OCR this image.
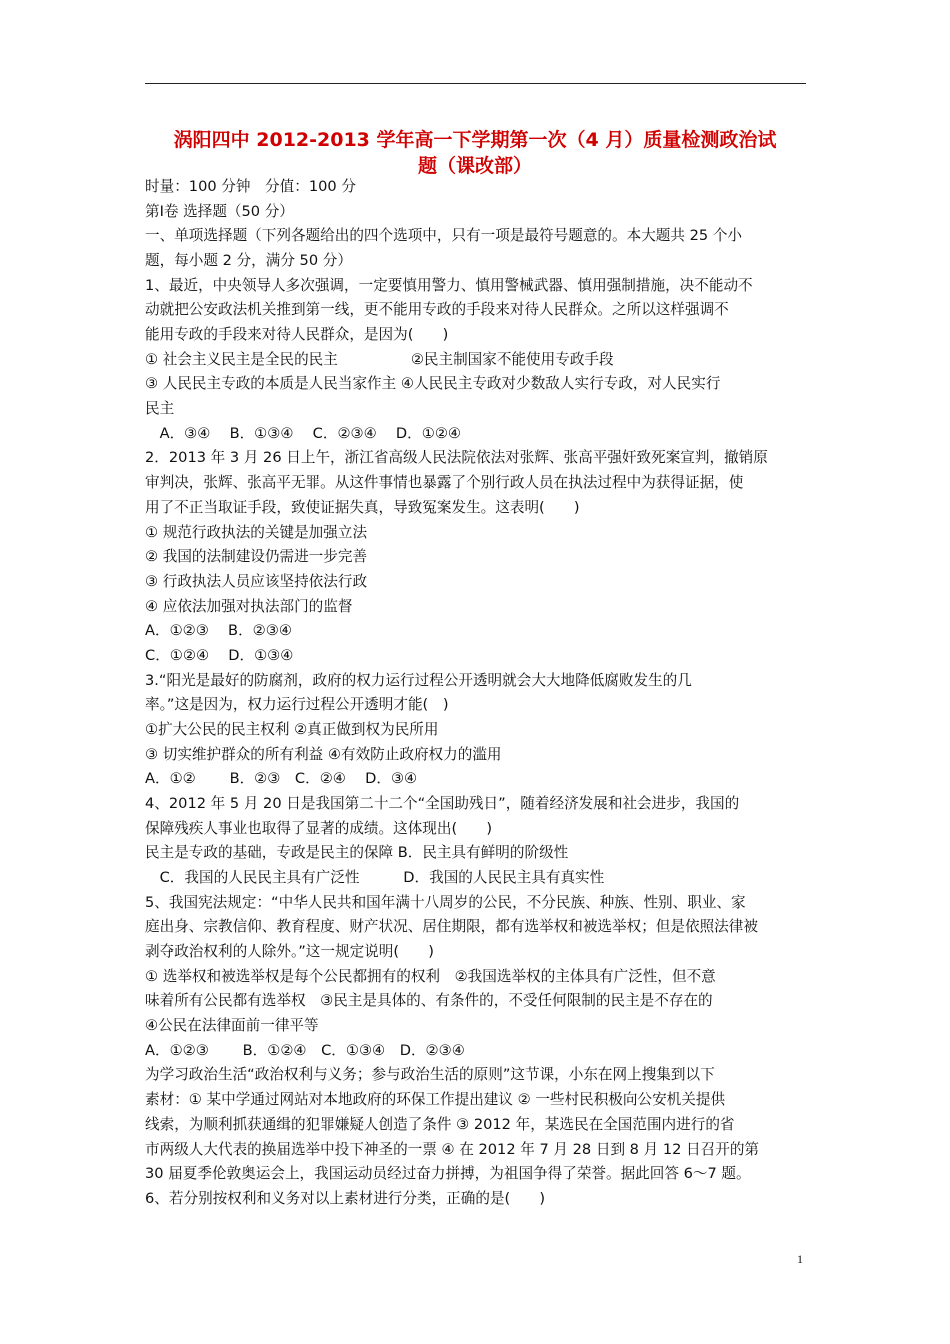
涡阳四中 2012-2013 学年高一下学期第一次（4 月）质量检测政治试
题（课改部）
时量：100 分钟　分值：100 分
第Ⅰ卷 选择题（50 分）
一、单项选择题（下列各题给出的四个选项中，只有一项是最符号题意的。本大题共 25 个小
题，每小题 2 分，满分 50 分）
1、最近，中央领导人多次强调，一定要慎用警力、慎用警械武器、慎用强制措施，决不能动不
动就把公安政法机关推到第一线，更不能用专政的手段来对待人民群众。之所以这样强调不
能用专政的手段来对待人民群众，是因为(　　)
① 社会主义民主是全民的民主　　　　　②民主制国家不能使用专政手段
③ 人民民主专政的本质是人民当家作主 ④人民民主专政对少数敌人实行专政，对人民实行
民主
　A．③④　 B．①③④　 C．②③④　 D．①②④
2．2013 年 3 月 26 日上午，浙江省高级人民法院依法对张辉、张高平强奸致死案宣判，撤销原
审判决，张辉、张高平无罪。从这件事情也暴露了个别行政人员在执法过程中为获得证据，使
用了不正当取证手段，致使证据失真，导致冤案发生。这表明(　　)
① 规范行政执法的关键是加强立法
② 我国的法制建设仍需进一步完善
③ 行政执法人员应该坚持依法行政
④ 应依法加强对执法部门的监督
A．①②③　 B．②③④
C．①②④　 D．①③④
3.“阳光是最好的防腐剂，政府的权力运行过程公开透明就会大大地降低腐败发生的几
率。”这是因为，权力运行过程公开透明才能(　)
①扩大公民的民主权利 ②真正做到权为民所用
③ 切实维护群众的所有利益 ④有效防止政府权力的滥用
A．①②　　 B．②③　C．②④　 D．③④
4、2012 年 5 月 20 日是我国第二十二个“全国助残日”，随着经济发展和社会进步，我国的
保障残疾人事业也取得了显著的成绩。这体现出(　　)
民主是专政的基础，专政是民主的保障 B．民主具有鲜明的阶级性
　C．我国的人民民主具有广泛性　　　D．我国的人民民主具有真实性
5、我国宪法规定：“中华人民共和国年满十八周岁的公民，不分民族、种族、性别、职业、家
庭出身、宗教信仰、教育程度、财产状况、居住期限，都有选举权和被选举权；但是依照法律被
剥夺政治权利的人除外。”这一规定说明(　　)
① 选举权和被选举权是每个公民都拥有的权利　②我国选举权的主体具有广泛性，但不意
味着所有公民都有选举权　③民主是具体的、有条件的，不受任何限制的民主是不存在的
④公民在法律面前一律平等
A．①②③　　 B．①②④　C．①③④　D．②③④
为学习政治生活“政治权利与义务；参与政治生活的原则”这节课，小东在网上搜集到以下
素材：① 某中学通过网站对本地政府的环保工作提出建议 ② 一些村民积极向公安机关提供
线索，为顺利抓获通缉的犯罪嫌疑人创造了条件 ③ 2012 年，某选民在全国范围内进行的省
市两级人大代表的换届选举中投下神圣的一票 ④ 在 2012 年 7 月 28 日到 8 月 12 日召开的第
30 届夏季伦敦奥运会上，我国运动员经过奋力拼搏，为祖国争得了荣誉。据此回答 6～7 题。
6、若分别按权利和义务对以上素材进行分类，正确的是(　　)
1
